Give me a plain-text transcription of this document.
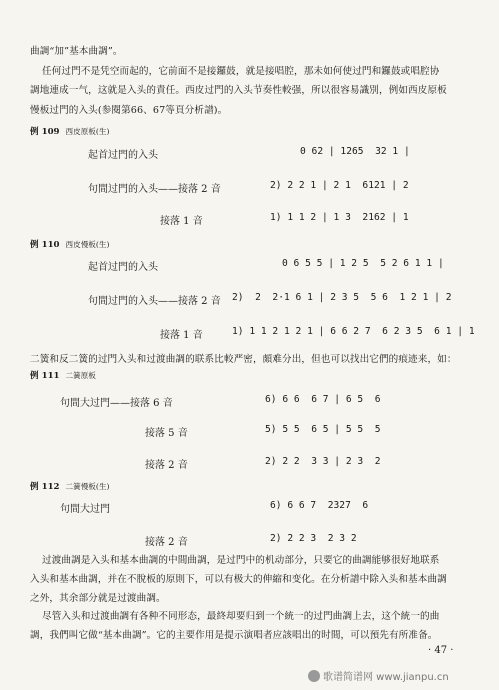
曲調“加”基本曲調”。
任何过門不是凭空而起的，它前面不是接鑼鼓，就是接唱腔，那未如何使过門和鑼鼓或唱腔协
調地連成一气，这就是入头的責任。西皮过門的入头节奏性較强，所以很容易識別，例如西皮原板
慢板过門的入头(参閱第66、67等頁分析譜)。
例 109 西皮原板(生)
起首过門的入头	0 62 | 1265  32 1 |
句間过門的入头——接落 2 音	2) 2 2 1 | 2 1  6121 | 2
接落 1 音	1) 1 1 2 | 1 3  2162 | 1
例 110 西皮慢板(生)
起首过門的入头	0 6 5 5 | 1 2 5  5 2 6 1 1 |
句間过門的入头——接落 2 音 2)  2  2·1 6 1 | 2 3 5  5 6  1 2 1 | 2
接落 1 音	1) 1 1 2 1 2 1 | 6 6 2 7  6 2 3 5  6 1 | 1
二簧和反二簧的过門入头和过渡曲調的联系比較严密，頗难分出，但也可以找出它們的痕迹来，如：
例 111 二簧原板
句間大过門——接落 6 音	6) 6 6  6 7 | 6 5  6
接落 5 音	5) 5 5  6 5 | 5 5  5
接落 2 音	2) 2 2  3 3 | 2 3  2
例 112 二簧慢板(生)
句間大过門	6) 6 6 7  2327  6
接落 2 音	2) 2 2 3  2 3 2
过渡曲調是入头和基本曲調的中間曲調，是过門中的机动部分，只要它的曲調能够很好地联系
入头和基本曲調，并在不脫板的原則下，可以有极大的伸縮和变化。在分析譜中除入头和基本曲調
之外，其余部分就是过渡曲調。
尽管入头和过渡曲調有各种不同形态，最終却要归到一个統一的过門曲調上去，这个統一的曲
調，我們叫它做“基本曲調”。它的主要作用是提示演唱者应該唱出的时間，可以預先有所准备。
· 47 ·
歌谱简谱网 www.jianpu.cn
